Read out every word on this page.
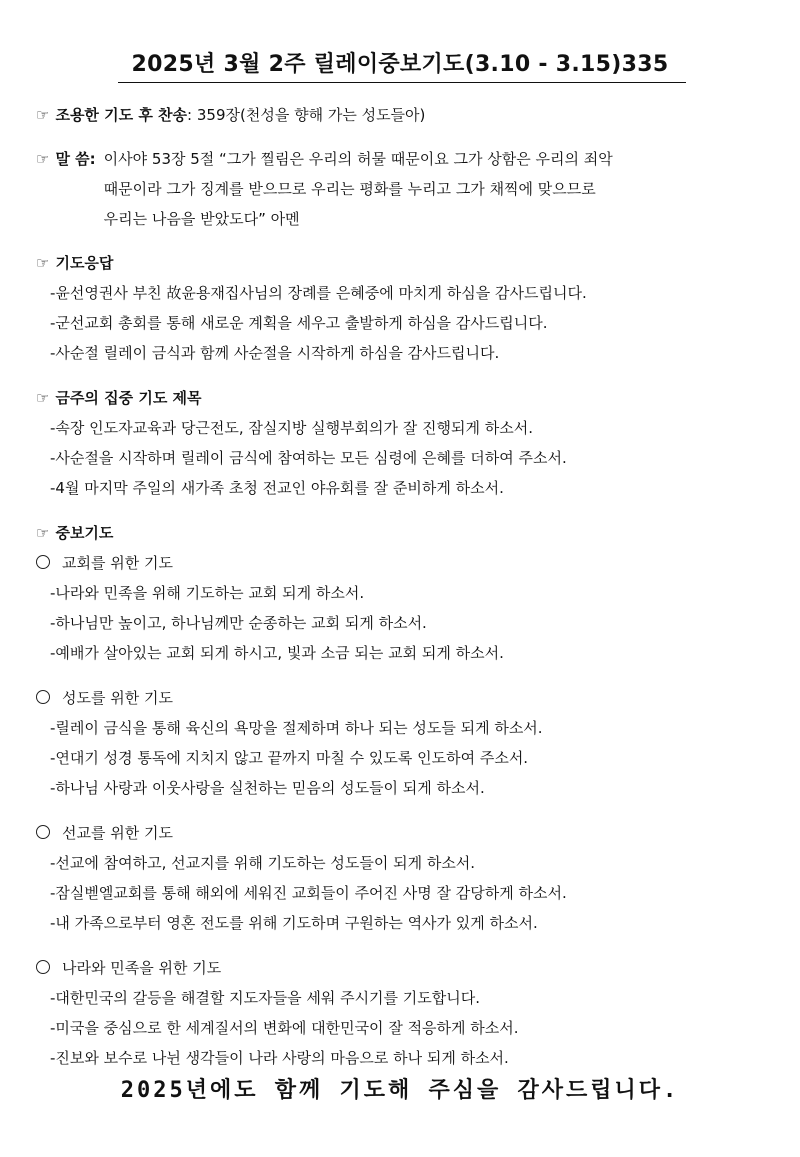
2025년 3월 2주 릴레이중보기도(3.10 - 3.15)335
☞ 조용한 기도 후 찬송: 359장(천성을 향해 가는 성도들아)
☞ 말 씀: 이사야 53장 5절 “그가 찔림은 우리의 허물 때문이요 그가 상함은 우리의 죄악
때문이라 그가 징계를 받으므로 우리는 평화를 누리고 그가 채찍에 맞으므로
우리는 나음을 받았도다” 아멘
☞ 기도응답
-윤선영권사 부친 故윤용재집사님의 장례를 은혜중에 마치게 하심을 감사드립니다.
-군선교회 총회를 통해 새로운 계획을 세우고 출발하게 하심을 감사드립니다.
-사순절 릴레이 금식과 함께 사순절을 시작하게 하심을 감사드립니다.
☞ 금주의 집중 기도 제목
-속장 인도자교육과 당근전도, 잠실지방 실행부회의가 잘 진행되게 하소서.
-사순절을 시작하며 릴레이 금식에 참여하는 모든 심령에 은혜를 더하여 주소서.
-4월 마지막 주일의 새가족 초청 전교인 야유회를 잘 준비하게 하소서.
☞ 중보기도
교회를 위한 기도
-나라와 민족을 위해 기도하는 교회 되게 하소서.
-하나님만 높이고, 하나님께만 순종하는 교회 되게 하소서.
-예배가 살아있는 교회 되게 하시고, 빛과 소금 되는 교회 되게 하소서.
성도를 위한 기도
-릴레이 금식을 통해 육신의 욕망을 절제하며 하나 되는 성도들 되게 하소서.
-연대기 성경 통독에 지치지 않고 끝까지 마칠 수 있도록 인도하여 주소서.
-하나님 사랑과 이웃사랑을 실천하는 믿음의 성도들이 되게 하소서.
선교를 위한 기도
-선교에 참여하고, 선교지를 위해 기도하는 성도들이 되게 하소서.
-잠실벧엘교회를 통해 해외에 세워진 교회들이 주어진 사명 잘 감당하게 하소서.
-내 가족으로부터 영혼 전도를 위해 기도하며 구원하는 역사가 있게 하소서.
나라와 민족을 위한 기도
-대한민국의 갈등을 해결할 지도자들을 세워 주시기를 기도합니다.
-미국을 중심으로 한 세계질서의 변화에 대한민국이 잘 적응하게 하소서.
-진보와 보수로 나뉜 생각들이 나라 사랑의 마음으로 하나 되게 하소서.
2025년에도 함께 기도해 주심을 감사드립니다.
